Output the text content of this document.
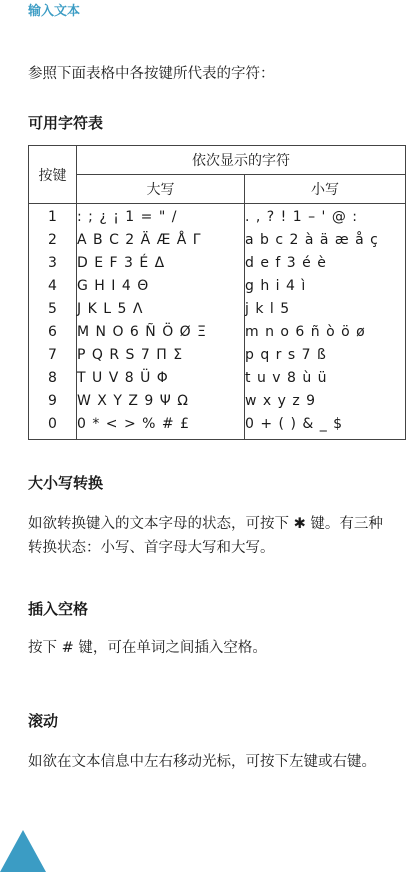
输入文本
参照下面表格中各按键所代表的字符：
可用字符表
按键	依次显示的字符	
	大写	小写
1	: ; ¿ ¡ 1 = " /	. , ? ! 1 – ' @ :
2	A B C 2 Ä Æ Å Γ	a b c 2 à ä æ å ç
3	D E F 3 É Δ	d e f 3 é è
4	G H I 4 Θ	g h i 4 ì
5	J K L 5 Λ	j k l 5
6	M N O 6 Ñ Ö Ø Ξ	m n o 6 ñ ò ö ø
7	P Q R S 7 Π Σ	p q r s 7 ß
8	T U V 8 Ü Φ	t u v 8 ù ü
9	W X Y Z 9 Ψ Ω	w x y z 9
0	0 * < > % # £	0 + ( ) & _ $
大小写转换
如欲转换键入的文本字母的状态，可按下 ✱ 键。有三种转换状态：小写、首字母大写和大写。
插入空格
按下 # 键，可在单词之间插入空格。
滚动
如欲在文本信息中左右移动光标，可按下左键或右键。
